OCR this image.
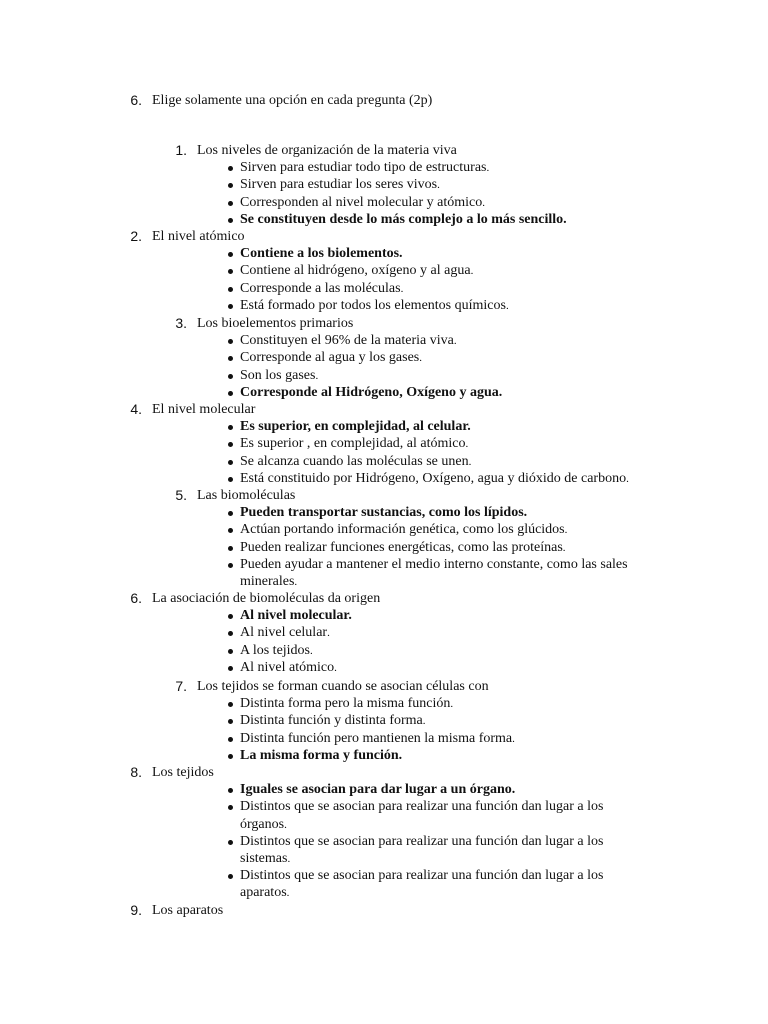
6. Elige solamente una opción en cada pregunta (2p)
1. Los niveles de organización de la materia viva
Sirven para estudiar todo tipo de estructuras.
Sirven para estudiar los seres vivos.
Corresponden al nivel molecular y atómico.
Se constituyen desde lo más complejo a lo más sencillo.
2. El nivel atómico
Contiene a los biolementos.
Contiene al hidrógeno, oxígeno y al agua.
Corresponde a las moléculas.
Está formado por todos los elementos químicos.
3. Los bioelementos primarios
Constituyen el 96% de la materia viva.
Corresponde al agua y los gases.
Son los gases.
Corresponde al Hidrógeno, Oxígeno y agua.
4. El nivel molecular
Es superior, en complejidad, al celular.
Es superior , en complejidad, al atómico.
Se alcanza cuando las moléculas se unen.
Está constituido por Hidrógeno, Oxígeno, agua y dióxido de carbono.
5. Las biomoléculas
Pueden transportar sustancias, como los lípidos.
Actúan portando información genética, como los glúcidos.
Pueden realizar funciones energéticas, como las proteínas.
Pueden ayudar a mantener el medio interno constante, como las sales
minerales.
6. La asociación de biomoléculas da origen
Al nivel molecular.
Al nivel celular.
A los tejidos.
Al nivel atómico.
7. Los tejidos se forman cuando se asocian células con
Distinta forma pero la misma función.
Distinta función y distinta forma.
Distinta función pero mantienen la misma forma.
La misma forma y función.
8. Los tejidos
Iguales se asocian para dar lugar a un órgano.
Distintos que se asocian para realizar una función dan lugar a los
órganos.
Distintos que se asocian para realizar una función dan lugar a los
sistemas.
Distintos que se asocian para realizar una función dan lugar a los
aparatos.
9. Los aparatos
